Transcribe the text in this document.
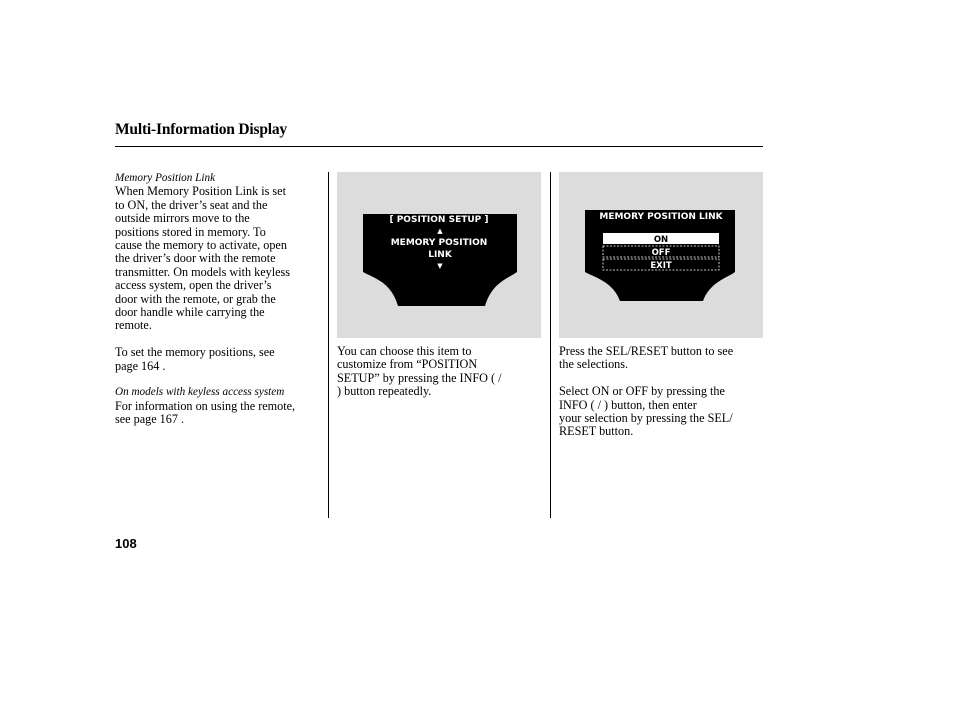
Multi-Information Display

Memory Position Link

When Memory Position Link is set

to ON, the driver’s seat and the

outside mirrors move to the

positions stored in memory. To

cause the memory to activate, open

the driver’s door with the remote

transmitter. On models with keyless

access system, open the driver’s

door with the remote, or grab the

door handle while carrying the

remote.

To set the memory positions, see

page 164 .

On models with keyless access system

For information on using the remote,

see page 167 .

[ POSITION SETUP ]
▲
MEMORY POSITION
LINK
▼

You can choose this item to

customize from “POSITION

SETUP” by pressing the INFO ( /

) button repeatedly.

MEMORY POSITION LINK
ON
OFF
EXIT

Press the SEL/RESET button to see

the selections.

Select ON or OFF by pressing the

INFO ( / ) button, then enter

your selection by pressing the SEL/

RESET button.

108
